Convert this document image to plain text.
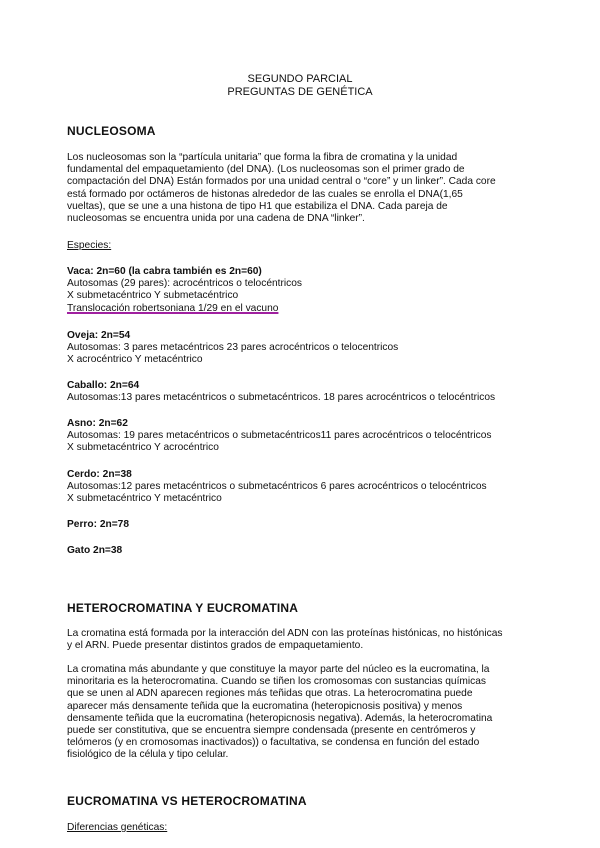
SEGUNDO PARCIAL
PREGUNTAS DE GENÉTICA
NUCLEOSOMA
Los nucleosomas son la “partícula unitaria” que forma la fibra de cromatina y la unidad
fundamental del empaquetamiento (del DNA). (Los nucleosomas son el primer grado de
compactación del DNA) Están formados por una unidad central o “core” y un linker”. Cada core
está formado por octámeros de histonas alrededor de las cuales se enrolla el DNA(1,65
vueltas), que se une a una histona de tipo H1 que estabiliza el DNA. Cada pareja de
nucleosomas se encuentra unida por una cadena de DNA “linker”.
Especies:
Vaca: 2n=60 (la cabra también es 2n=60)
Autosomas (29 pares): acrocéntricos o telocéntricos
X submetacéntrico Y submetacéntrico
Translocación robertsoniana 1/29 en el vacuno
Oveja: 2n=54
Autosomas: 3 pares metacéntricos 23 pares acrocéntricos o telocentricos
X acrocéntrico Y metacéntrico
Caballo: 2n=64
Autosomas:13 pares metacéntricos o submetacéntricos. 18 pares acrocéntricos o telocéntricos
Asno: 2n=62
Autosomas: 19 pares metacéntricos o submetacéntricos11 pares acrocéntricos o telocéntricos
X submetacéntrico Y acrocéntrico
Cerdo: 2n=38
Autosomas:12 pares metacéntricos o submetacéntricos 6 pares acrocéntricos o telocéntricos
X submetacéntrico Y metacéntrico
Perro: 2n=78
Gato 2n=38
HETEROCROMATINA Y EUCROMATINA
La cromatina está formada por la interacción del ADN con las proteínas histónicas, no histónicas
y el ARN. Puede presentar distintos grados de empaquetamiento.
La cromatina más abundante y que constituye la mayor parte del núcleo es la eucromatina, la
minoritaria es la heterocromatina. Cuando se tiñen los cromosomas con sustancias químicas
que se unen al ADN aparecen regiones más teñidas que otras. La heterocromatina puede
aparecer más densamente teñida que la eucromatina (heteropicnosis positiva) y menos
densamente teñida que la eucromatina (heteropicnosis negativa). Además, la heterocromatina
puede ser constitutiva, que se encuentra siempre condensada (presente en centrómeros y
telómeros (y en cromosomas inactivados)) o facultativa, se condensa en función del estado
fisiológico de la célula y tipo celular.
EUCROMATINA VS HETEROCROMATINA
Diferencias genéticas:
